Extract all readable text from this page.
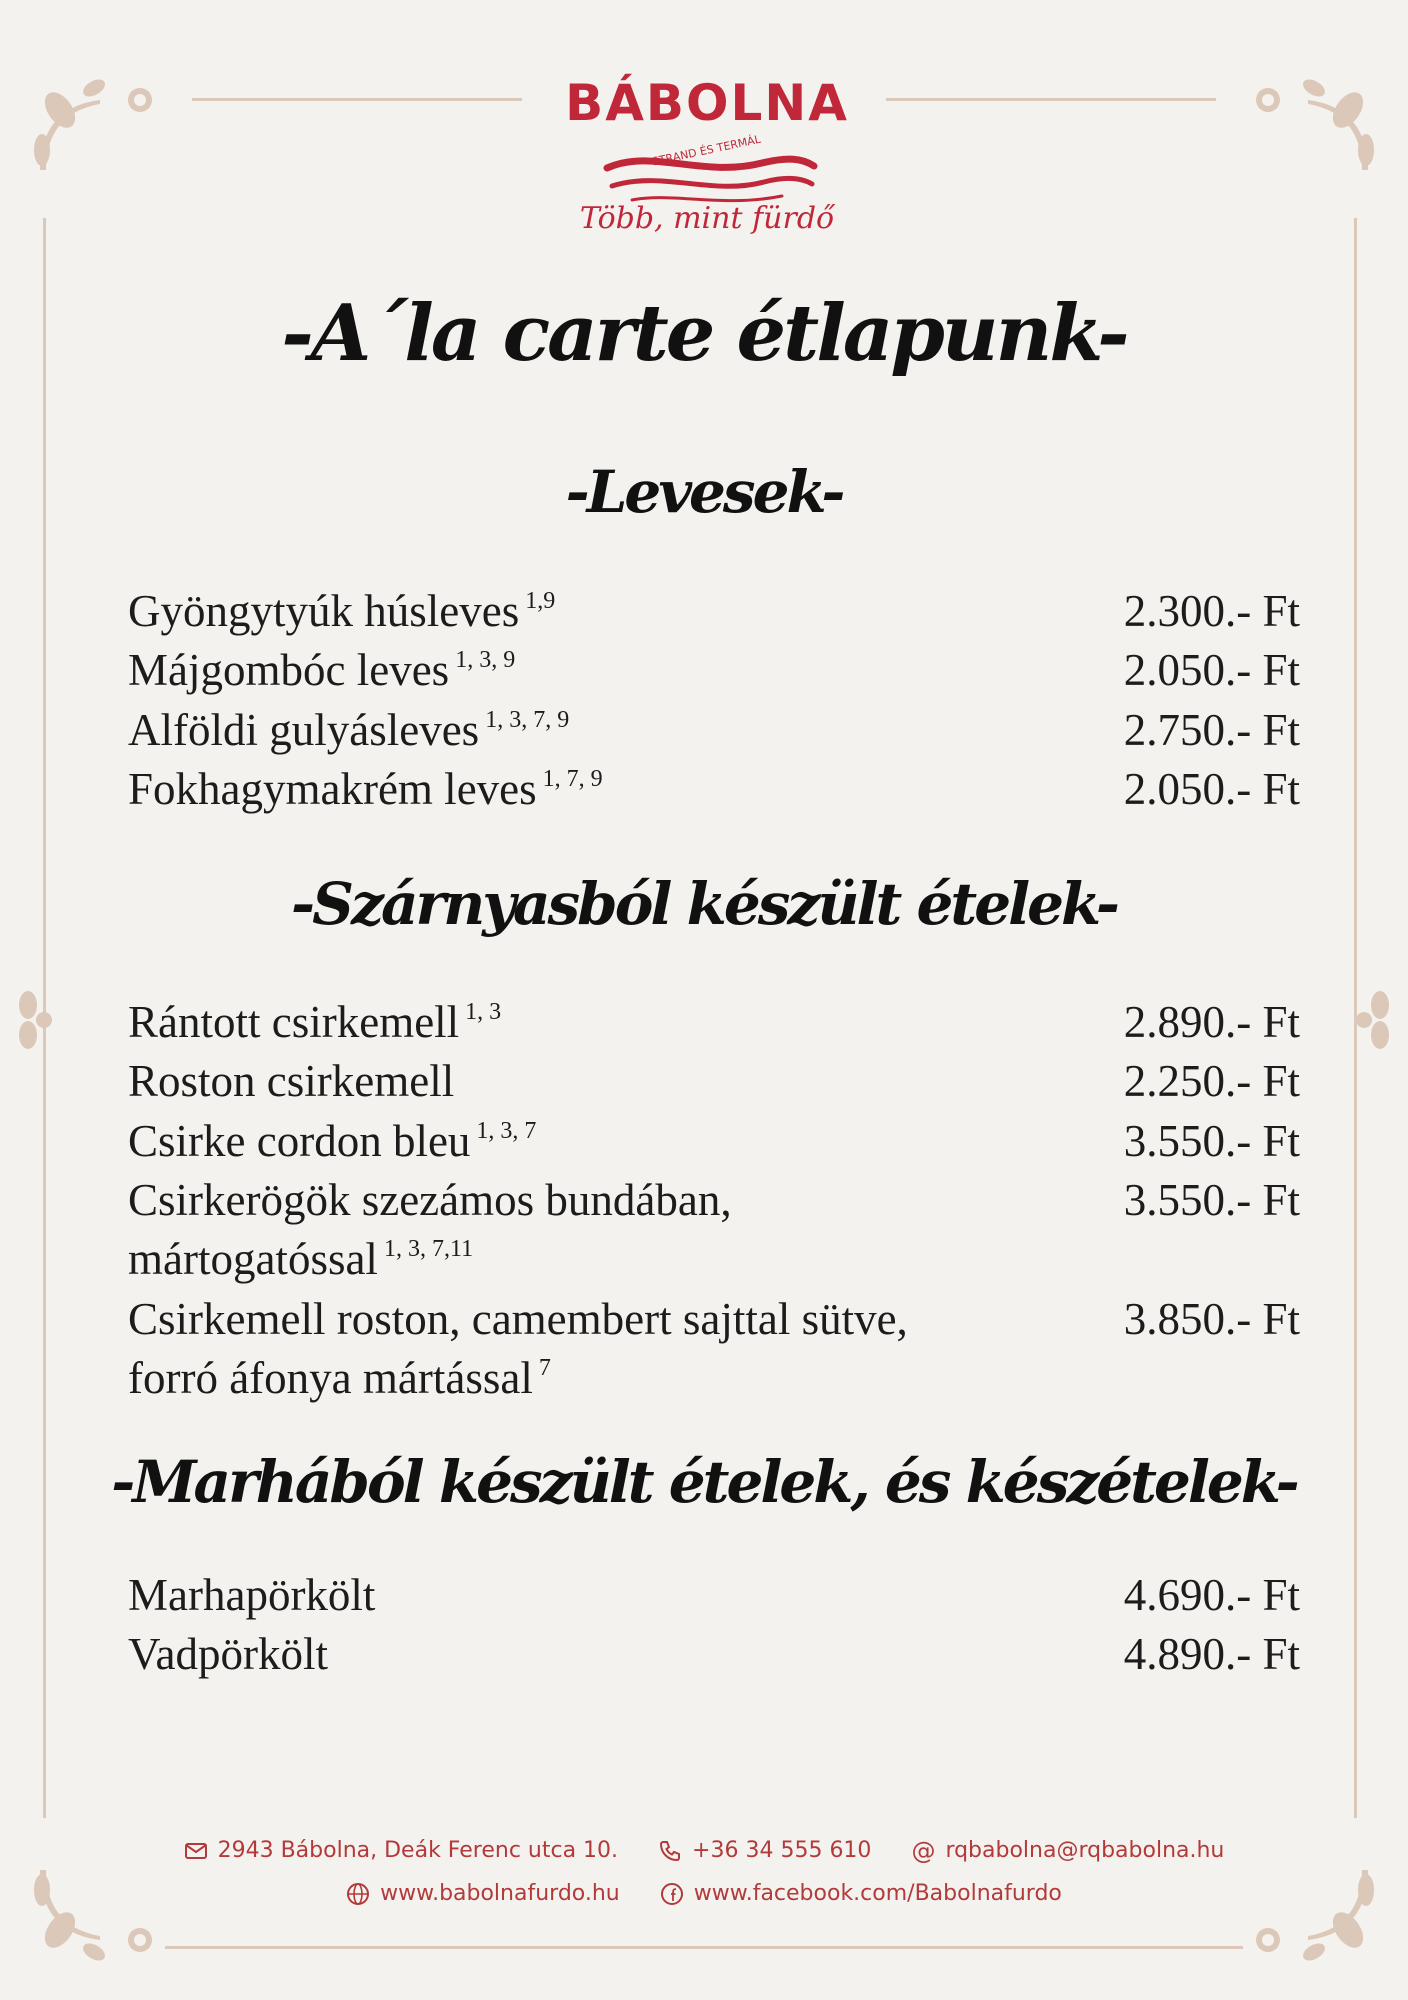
BÁBOLNA
STRAND ÉS TERMÁL
Több, mint fürdő
-A´la carte étlapunk-
-Levesek-
Gyöngytyúk húsleves $^{1,9}$	2.300.- Ft
Májgombóc leves $^{1, 3, 9}$	2.050.- Ft
Alföldi gulyásleves $^{1, 3, 7, 9}$	2.750.- Ft
Fokhagymakrém leves $^{1, 7, 9}$	2.050.- Ft
-Szárnyasból készült ételek-
Rántott csirkemell $^{1, 3}$	2.890.- Ft
Roston csirkemell	2.250.- Ft
Csirke cordon bleu $^{1, 3, 7}$	3.550.- Ft
Csirkerögök szezámos bundában,
mártogatóssal $^{1, 3, 7,11}$
3.550.- Ft
Csirkemell roston, camembert sajttal sütve,
forró áfonya mártással $^7$
3.850.- Ft
-Marhából készült ételek, és készételek-
Marhapörkölt	4.690.- Ft
Vadpörkölt	4.890.- Ft
2943 Bábolna, Deák Ferenc utca 10.	+36 34 555 610 @ rqbabolna@rqbabolna.hu
www.babolnafurdo.hu	www.facebook.com/Babolnafurdo
